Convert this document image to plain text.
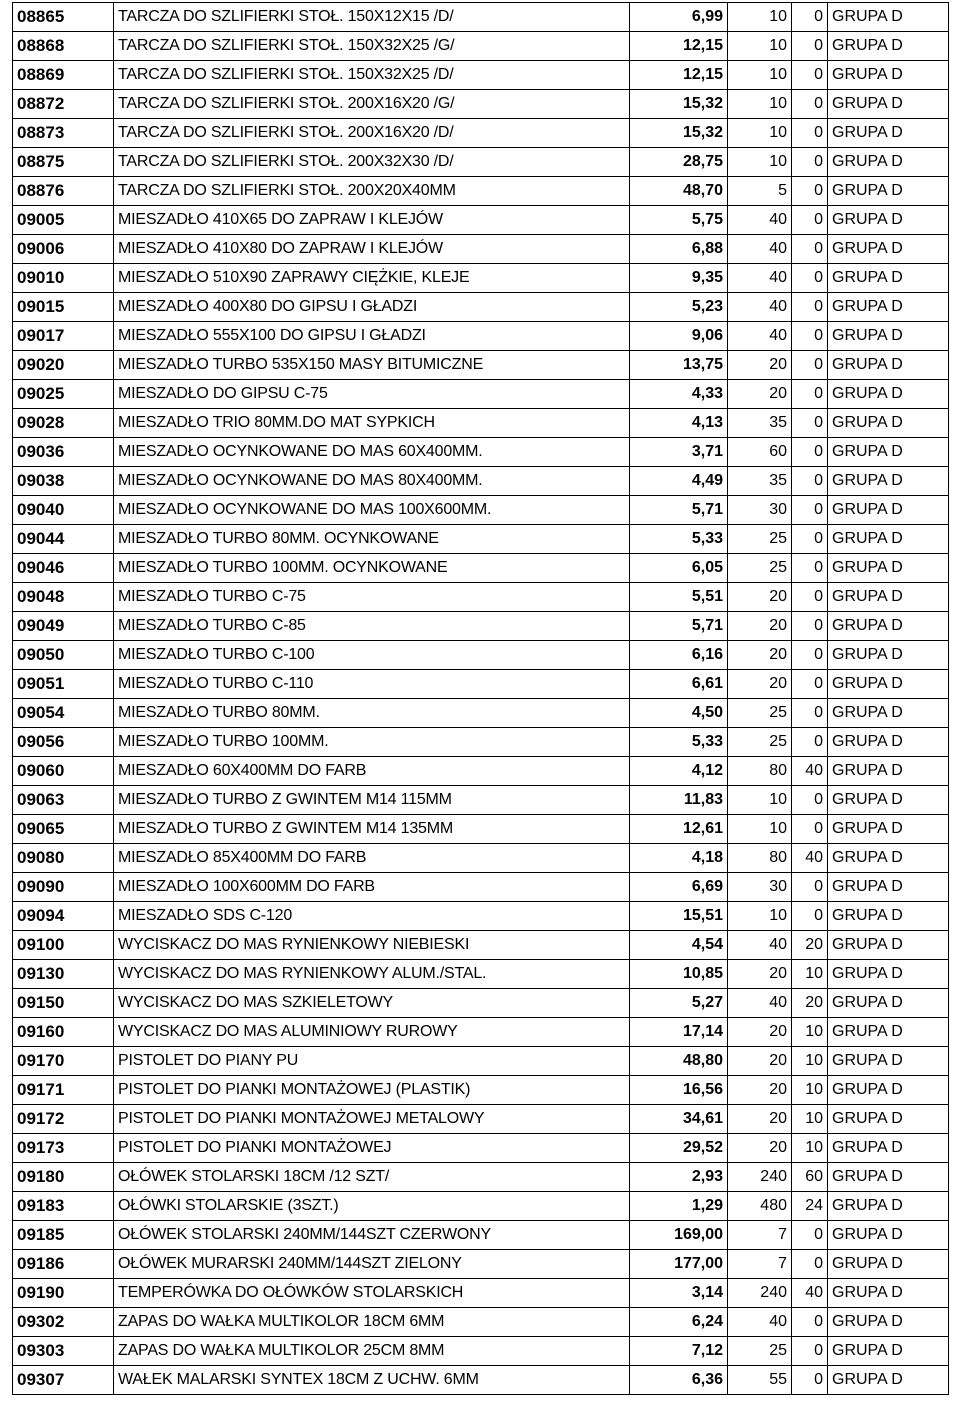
08865	TARCZA DO SZLIFIERKI STOŁ. 150X12X15 /D/	6,99	10	0	GRUPA D
08868	TARCZA DO SZLIFIERKI STOŁ. 150X32X25 /G/	12,15	10	0	GRUPA D
08869	TARCZA DO SZLIFIERKI STOŁ. 150X32X25 /D/	12,15	10	0	GRUPA D
08872	TARCZA DO SZLIFIERKI STOŁ. 200X16X20 /G/	15,32	10	0	GRUPA D
08873	TARCZA DO SZLIFIERKI STOŁ. 200X16X20 /D/	15,32	10	0	GRUPA D
08875	TARCZA DO SZLIFIERKI STOŁ. 200X32X30 /D/	28,75	10	0	GRUPA D
08876	TARCZA DO SZLIFIERKI STOŁ. 200X20X40MM	48,70	5	0	GRUPA D
09005	MIESZADŁO 410X65 DO ZAPRAW I KLEJÓW	5,75	40	0	GRUPA D
09006	MIESZADŁO 410X80 DO ZAPRAW I KLEJÓW	6,88	40	0	GRUPA D
09010	MIESZADŁO 510X90 ZAPRAWY CIĘŻKIE, KLEJE	9,35	40	0	GRUPA D
09015	MIESZADŁO 400X80 DO GIPSU I GŁADZI	5,23	40	0	GRUPA D
09017	MIESZADŁO 555X100 DO GIPSU I GŁADZI	9,06	40	0	GRUPA D
09020	MIESZADŁO TURBO 535X150 MASY BITUMICZNE	13,75	20	0	GRUPA D
09025	MIESZADŁO DO GIPSU C-75	4,33	20	0	GRUPA D
09028	MIESZADŁO TRIO 80MM.DO MAT SYPKICH	4,13	35	0	GRUPA D
09036	MIESZADŁO OCYNKOWANE DO MAS 60X400MM.	3,71	60	0	GRUPA D
09038	MIESZADŁO OCYNKOWANE DO MAS 80X400MM.	4,49	35	0	GRUPA D
09040	MIESZADŁO OCYNKOWANE DO MAS 100X600MM.	5,71	30	0	GRUPA D
09044	MIESZADŁO TURBO 80MM. OCYNKOWANE	5,33	25	0	GRUPA D
09046	MIESZADŁO TURBO 100MM. OCYNKOWANE	6,05	25	0	GRUPA D
09048	MIESZADŁO TURBO C-75	5,51	20	0	GRUPA D
09049	MIESZADŁO TURBO C-85	5,71	20	0	GRUPA D
09050	MIESZADŁO TURBO C-100	6,16	20	0	GRUPA D
09051	MIESZADŁO TURBO C-110	6,61	20	0	GRUPA D
09054	MIESZADŁO TURBO 80MM.	4,50	25	0	GRUPA D
09056	MIESZADŁO TURBO 100MM.	5,33	25	0	GRUPA D
09060	MIESZADŁO 60X400MM DO FARB	4,12	80	40	GRUPA D
09063	MIESZADŁO TURBO Z GWINTEM M14 115MM	11,83	10	0	GRUPA D
09065	MIESZADŁO TURBO Z GWINTEM M14 135MM	12,61	10	0	GRUPA D
09080	MIESZADŁO 85X400MM DO FARB	4,18	80	40	GRUPA D
09090	MIESZADŁO 100X600MM DO FARB	6,69	30	0	GRUPA D
09094	MIESZADŁO SDS C-120	15,51	10	0	GRUPA D
09100	WYCISKACZ DO MAS RYNIENKOWY NIEBIESKI	4,54	40	20	GRUPA D
09130	WYCISKACZ DO MAS RYNIENKOWY ALUM./STAL.	10,85	20	10	GRUPA D
09150	WYCISKACZ DO MAS SZKIELETOWY	5,27	40	20	GRUPA D
09160	WYCISKACZ DO MAS ALUMINIOWY RUROWY	17,14	20	10	GRUPA D
09170	PISTOLET DO PIANY PU	48,80	20	10	GRUPA D
09171	PISTOLET DO PIANKI MONTAŻOWEJ (PLASTIK)	16,56	20	10	GRUPA D
09172	PISTOLET DO PIANKI MONTAŻOWEJ METALOWY	34,61	20	10	GRUPA D
09173	PISTOLET DO PIANKI MONTAŻOWEJ	29,52	20	10	GRUPA D
09180	OŁÓWEK STOLARSKI 18CM /12 SZT/	2,93	240	60	GRUPA D
09183	OŁÓWKI STOLARSKIE (3SZT.)	1,29	480	24	GRUPA D
09185	OŁÓWEK STOLARSKI 240MM/144SZT CZERWONY	169,00	7	0	GRUPA D
09186	OŁÓWEK MURARSKI 240MM/144SZT ZIELONY	177,00	7	0	GRUPA D
09190	TEMPERÓWKA DO OŁÓWKÓW STOLARSKICH	3,14	240	40	GRUPA D
09302	ZAPAS DO WAŁKA MULTIKOLOR 18CM 6MM	6,24	40	0	GRUPA D
09303	ZAPAS DO WAŁKA MULTIKOLOR 25CM 8MM	7,12	25	0	GRUPA D
09307	WAŁEK MALARSKI SYNTEX 18CM Z UCHW. 6MM	6,36	55	0	GRUPA D
